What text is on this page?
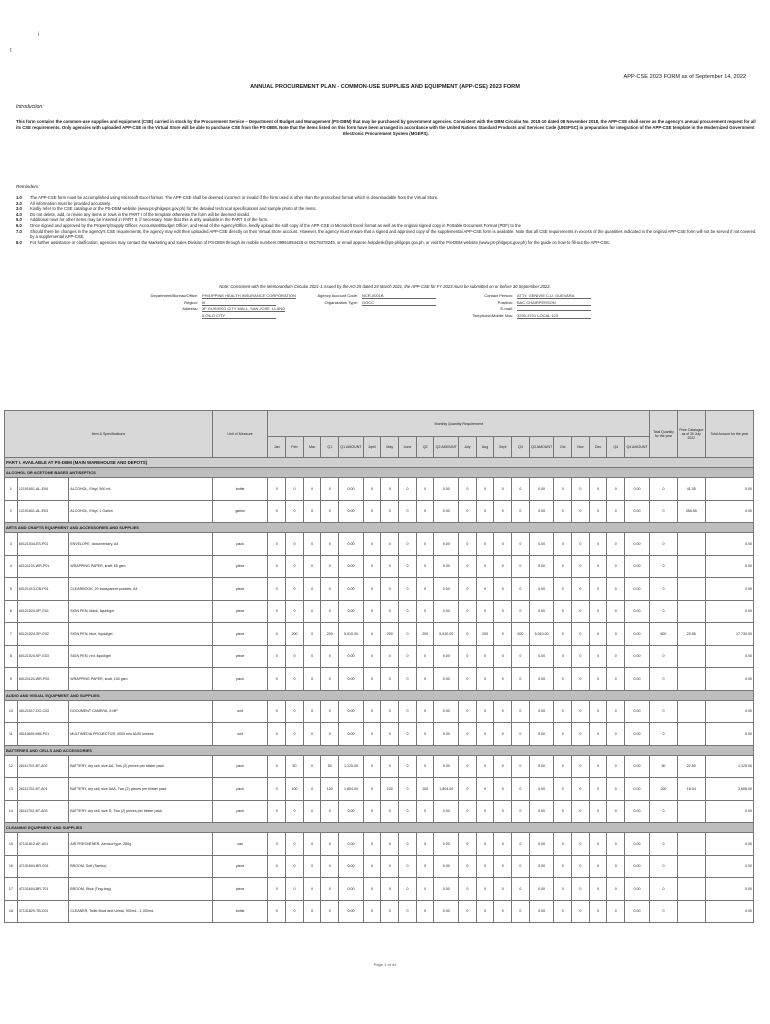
i
t
APP-CSE 2023 FORM as of September 14, 2022
ANNUAL PROCUREMENT PLAN - COMMON-USE SUPPLIES AND EQUIPMENT (APP-CSE) 2023 FORM
Introduction:
This form contains the common-use supplies and equipment (CSE) carried in stock by the Procurement Service – Department of Budget and Management (PS-DBM) that may be purchased by government agencies. Consistent with the DBM Circular No. 2018-10 dated 08 November 2018, the APP-CSE shall serve as the agency's annual procurement request for all its CSE requirements. Only agencies with uploaded APP-CSE in the Virtual Store will be able to purchase CSE from the PS-DBM. Note that the items listed on this form have been arranged in accordance with the United Nations Standard Products and Services Code (UNSPSC) in preparation for integration of the APP-CSE template in the Modernized Government
Electronic Procurement System (MGEPS).
Reminders:
1.0	The APP-CSE form must be accomplished using Microsoft Excel format. The APP-CSE shall be deemed incorrect or invalid if the form used is other than the prescribed format which is downloadable from the Virtual Store.
2.0	All information must be provided accurately.
3.0	Kindly refer to the CSE catalogue or the PS-DBM website (www.ps-philgeps.gov.ph) for the detailed technical specifications and sample photo of the items.
4.0	Do not delete, add, or revise any items or rows in the PART I of the template otherwise the form will be deemed invalid.
5.0	Additional rows for other items may be inserted in PART II, if necessary. Note that this is only available in the PART II of the form.
6.0	Once signed and approved by the Property/Supply Officer, Accountant/Budget Officer, and Head of the Agency/Office, kindly upload the soft copy of the APP-CSE in Microsoft Excel format as well as the original signed copy in Portable Document Format (PDF) to the
7.0	Should there be changes in the agency's CSE requirements, the agency may edit their uploaded APP-CSE directly on their Virtual Store account. However, the agency must ensure that a signed and approved copy of the supplemental APP-CSE form is available. Note that all CSE requirements in excess of the quantities indicated in the original APP-CSE form will not be served if not covered by a supplemental APP-CSE.
8.0	For further assistance or clarification, agencies may contact the Marketing and Sales Division of PS-DBM through its mobile numbers 09951954426 or 09178478245, or email appcse.helpdesk@ps-philgeps.gov.ph, or visit the PS-DBM website (www.ps-philgeps.gov.ph) for the guide on how to fill-out the APP-CSE.
Note: Consistent with the Memorandum Circular 2021-1 issued by the AO 25 dated 24 March 2021, the APP-CSE for FY 2023 must be submitted on or before 30 September 2022.
Department/Bureau/Office: PHILIPPINE HEALTH INSURANCE CORPORATION
Region: III
Address: 3F GUSHIKO CITY MALL, SAN JOSE, LLANO
ILOILO CITY
Agency Account Code: NCR-0001B
Organization Type: GOCC
Contact Person: ATTY. GENIVIE C.U. GUEVARA
Position: BAC CHAIRPERSON
E-mail:
Telephone/Mobile Nos: 3290-3701 LOCAL 123
Item & Specifications			Unit of Measure	Monthly Quantity Requirement																				Total Quantity for the year	Price Catalogue as of 30 July 2022	Total Amount for the year
				Jan	Feb	Mar	Q1	Q1 AMOUNT	April	May	June	Q2	Q2 AMOUNT	July	Aug	Sept	Q3	Q3 AMOUNT	Oct	Nov	Dec	Q4	Q4 AMOUNT			
PART I. AVAILABLE AT PS-DBM (MAIN WAREHOUSE AND DEPOTS)																										
ALCOHOL OR ACETONE BASED ANTISEPTICS																										
1	12191601-AL-E04	ALCOHOL, Ethyl, 500 mL	bottle	0	0	0	0	0.00	0	0	0	0	0.00	0	0	0	0	0.00	0	0	0	0	0.00	0	41.05	0.00
2	12191601-AL-E03	ALCOHOL, Ethyl, 1 Gallon	gallon	0	0	0	0	0.00	0	0	0	0	0.00	0	0	0	0	0.00	0	0	0	0	0.00	0	356.55	0.00
ARTS AND CRAFTS EQUIPMENT AND ACCESSORIES AND SUPPLIES																										
3	60121534-ES-P01	ENVELOPE, documentary, A4	pack	0	0	0	0	0.00	0	0	0	0	0.00	0	0	0	0	0.00	0	0	0	0	0.00	0		0.00
4	60121124-WR-P01	WRAPPING PAPER, kraft, 65 gsm	piece	0	0	0	0	0.00	0	0	0	0	0.00	0	0	0	0	0.00	0	0	0	0	0.00	0		0.00
5	60121413-CB-P01	CLEARBOOK, 20 transparent pockets, A4	piece	0	0	0	0	0.00	0	0	0	0	0.00	0	0	0	0	0.00	0	0	0	0	0.00	0		0.00
6	60121524-SP-G01	SIGN PEN, black, liquid/gel	piece	0	0	0	0	0.00	0	0	0	0	0.00	0	0	0	0	0.00	0	0	0	0	0.00	0		0.00
7	60121524-SP-G02	SIGN PEN, blue, liquid/gel	piece	0	200	0	200	5,910.00	0	200	0	200	5,910.00	0	200	0	200	5,910.00	0	0	0	0	0.00	600	29.55	17,730.00
8	60121524-SP-G03	SIGN PEN, red, liquid/gel	piece	0	0	0	0	0.00	0	0	0	0	0.00	0	0	0	0	0.00	0	0	0	0	0.00	0		0.00
9	60121124-WR-P02	WRAPPING PAPER, kraft, 150 gsm	pack	0	0	0	0	0.00	0	0	0	0	0.00	0	0	0	0	0.00	0	0	0	0	0.00	0		0.00
AUDIO AND VISUAL EQUIPMENT AND SUPPLIES																										
10	45121517-DO-C02	DOCUMENT CAMERA, 8 MP	unit	0	0	0	0	0.00	0	0	0	0	0.00	0	0	0	0	0.00	0	0	0	0	0.00	0		0.00
11	45111609-MM-P01	MULTIMEDIA PROJECTOR, 4000 min ANSI lumens	unit	0	0	0	0	0.00	0	0	0	0	0.00	0	0	0	0	0.00	0	0	0	0	0.00	0		0.00
BATTERIES AND CELLS AND ACCESSORIES																										
12	26111702-BT-A02	BATTERY, dry cell, size AA, Two (2) pieces per blister pack	pack	0	50	0	50	1,125.00	0	0	0	0	0.00	0	0	0	0	0.00	0	0	0	0	0.00	50	22.50	1,125.00
13	26111702-BT-A01	BATTERY, dry cell, size AAA, Two (2) pieces per blister pack	pack	0	100	0	100	1,804.00	0	100	0	100	1,804.00	0	0	0	0	0.00	0	0	0	0	0.00	200	18.04	3,608.00
14	26111702-BT-A03	BATTERY, dry cell, size D, Two (2) pieces per blister pack	pack	0	0	0	0	0.00	0	0	0	0	0.00	0	0	0	0	0.00	0	0	0	0	0.00	0		0.00
CLEANING EQUIPMENT AND SUPPLIES																										
15	47131812-AF-A01	AIR FRESHENER, Aerosol type, 280g	can	0	0	0	0	0.00	0	0	0	0	0.00	0	0	0	0	0.00	0	0	0	0	0.00	0		0.00
16	47131604-BR-S01	BROOM, Soft (Tambo)	piece	0	0	0	0	0.00	0	0	0	0	0.00	0	0	0	0	0.00	0	0	0	0	0.00	0		0.00
17	47131604-BR-T01	BROOM, Stick (Ting-ting)	piece	0	0	0	0	0.00	0	0	0	0	0.00	0	0	0	0	0.00	0	0	0	0	0.00	0		0.00
18	47131829-TB-C01	CLEANER, Toilet Bowl and Urinal, 900mL - 1,000mL	bottle	0	0	0	0	0.00	0	0	0	0	0.00	0	0	0	0	0.00	0	0	0	0	0.00	0		0.00
Page 1 of 44
